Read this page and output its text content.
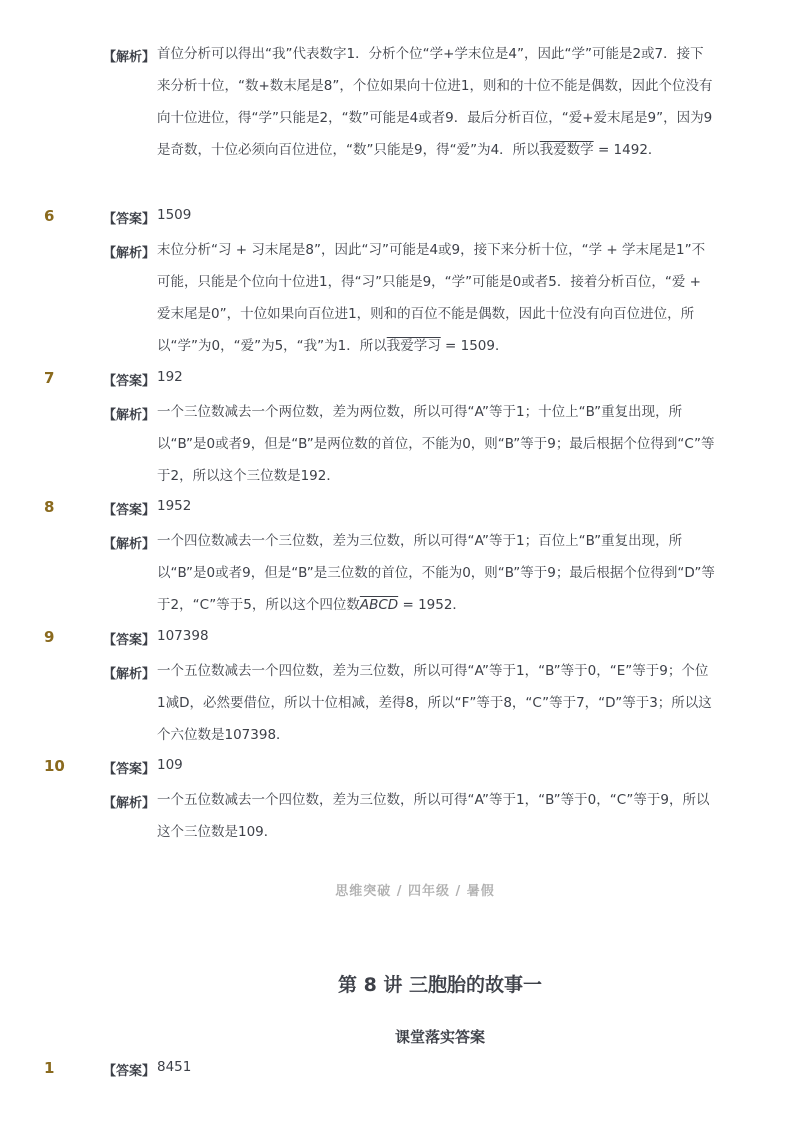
【解析】 首位分析可以得出“我”代表数字1．分析个位“学+学末位是4”，因此“学”可能是2或7．接下来分析十位，“数+数末尾是8”，个位如果向十位进1，则和的十位不能是偶数，因此个位没有向十位进位，得“学”只能是2，“数”可能是4或者9．最后分析百位，“爱+爱末尾是9”，因为9是奇数，十位必须向百位进位，“数”只能是9，得“爱”为4．所以我爱数学 = 1492．
6	【答案】 1509
【解析】 末位分析“习 + 习末尾是8”，因此“习”可能是4或9，接下来分析十位，“学 + 学末尾是1”不可能，只能是个位向十位进1，得“习”只能是9，“学”可能是0或者5．接着分析百位，“爱 + 爱末尾是0”，十位如果向百位进1，则和的百位不能是偶数，因此十位没有向百位进位，所以“学”为0，“爱”为5，“我”为1．所以我爱学习 = 1509．
7	【答案】 192
【解析】 一个三位数减去一个两位数，差为两位数，所以可得“A”等于1；十位上“B”重复出现，所以“B”是0或者9，但是“B”是两位数的首位，不能为0，则“B”等于9；最后根据个位得到“C”等于2，所以这个三位数是192．
8	【答案】 1952
【解析】 一个四位数减去一个三位数，差为三位数，所以可得“A”等于1；百位上“B”重复出现，所以“B”是0或者9，但是“B”是三位数的首位，不能为0，则“B”等于9；最后根据个位得到“D”等于2，“C”等于5，所以这个四位数ABCD = 1952．
9	【答案】 107398
【解析】 一个五位数减去一个四位数，差为三位数，所以可得“A”等于1，“B”等于0，“E”等于9；个位1减D，必然要借位，所以十位相减，差得8，所以“F”等于8，“C”等于7，“D”等于3；所以这个六位数是107398．
10	【答案】 109
【解析】 一个五位数减去一个四位数，差为三位数，所以可得“A”等于1，“B”等于0，“C”等于9，所以这个三位数是109．
思维突破 / 四年级 / 暑假
第 8 讲 三胞胎的故事一
课堂落实答案
1	【答案】 8451
